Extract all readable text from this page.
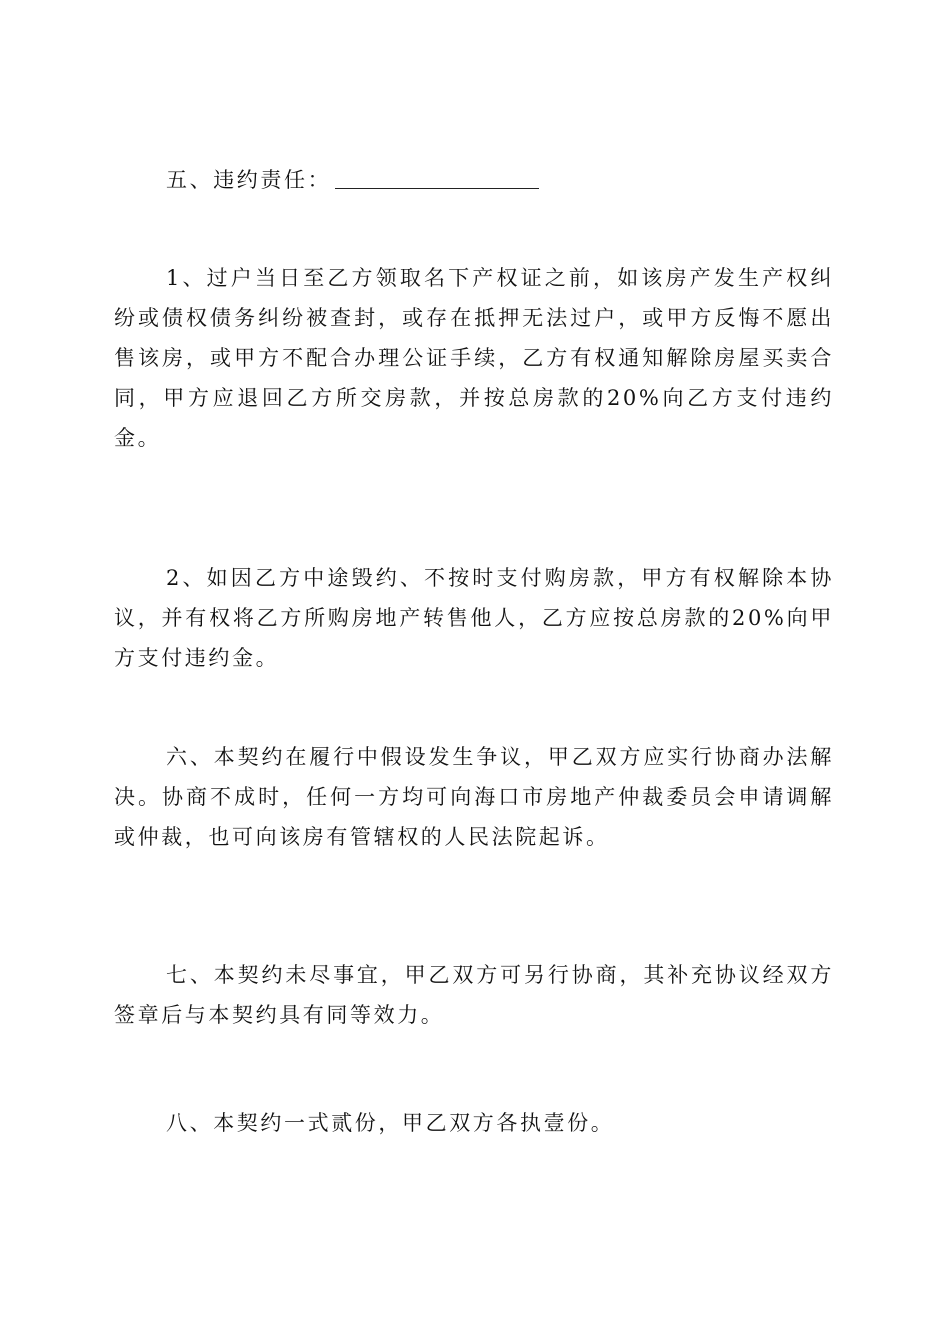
五、违约责任：

1、过户当日至乙方领取名下产权证之前，如该房产发生产权纠纷或债权债务纠纷被查封，或存在抵押无法过户，或甲方反悔不愿出售该房，或甲方不配合办理公证手续，乙方有权通知解除房屋买卖合同，甲方应退回乙方所交房款，并按总房款的20%向乙方支付违约金。

2、如因乙方中途毁约、不按时支付购房款，甲方有权解除本协议，并有权将乙方所购房地产转售他人，乙方应按总房款的20%向甲方支付违约金。

六、本契约在履行中假设发生争议，甲乙双方应实行协商办法解决。协商不成时，任何一方均可向海口市房地产仲裁委员会申请调解或仲裁，也可向该房有管辖权的人民法院起诉。

七、本契约未尽事宜，甲乙双方可另行协商，其补充协议经双方签章后与本契约具有同等效力。

八、本契约一式贰份，甲乙双方各执壹份。
